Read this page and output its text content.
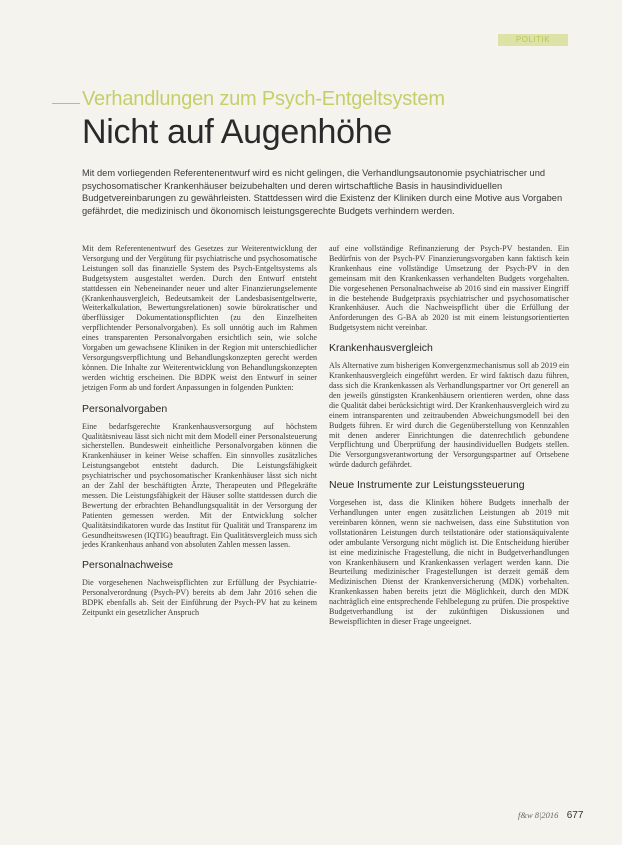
POLITIK
Verhandlungen zum Psych-Entgeltsystem
Nicht auf Augenhöhe
Mit dem vorliegenden Referentenentwurf wird es nicht gelingen, die Verhandlungsautonomie psychiatrischer und psychosomatischer Krankenhäuser beizubehalten und deren wirtschaftliche Basis in hausindividuellen Budgetvereinbarungen zu gewährleisten. Stattdessen wird die Existenz der Kliniken durch eine Motive aus Vorgaben gefährdet, die medizinisch und ökonomisch leistungsgerechte Budgets verhindern werden.

Mit dem Referentenentwurf des Gesetzes zur Weiterentwicklung der Versorgung und der Vergütung für psychiatrische und psychosomatische Leistungen soll das finanzielle System des Psych-Entgeltsystems als Budgetsystem ausgestaltet werden. Durch den Entwurf entsteht stattdessen ein Nebeneinander neuer und alter Finanzierungselemente (Krankenhausvergleich, Bedeutsamkeit der Landesbasisentgeltwerte, Weiterkalkulation, Bewertungsrelationen) sowie bürokratischer und überflüssiger Dokumentationspflichten (zu den Einzelheiten verpflichtender Personalvorgaben). Es soll unnötig auch im Rahmen eines transparenten Personalvorgaben ersichtlich sein, wie solche Vorgaben um gewachsene Kliniken in der Region mit unterschiedlicher Versorgungsverpflichtung und Behandlungskonzepten gerecht werden können. Die Inhalte zur Weiterentwicklung von Behandlungskonzepten werden wichtig erscheinen. Die BDPK weist den Entwurf in seiner jetzigen Form ab und fordert Anpassungen in folgenden Punkten:

Personalvorgaben

Eine bedarfsgerechte Krankenhausversorgung auf höchstem Qualitätsniveau lässt sich nicht mit dem Modell einer Personalsteuerung sicherstellen. Bundesweit einheitliche Personalvorgaben können die Krankenhäuser in keiner Weise schaffen. Ein sinnvolles zusätzliches Leistungsangebot entsteht dadurch. Die Leistungsfähigkeit psychiatrischer und psychosomatischer Krankenhäuser lässt sich nicht an der Zahl der beschäftigten Ärzte, Therapeuten und Pflegekräfte messen. Die Leistungsfähigkeit der Häuser sollte stattdessen durch die Bewertung der erbrachten Behandlungsqualität in der Versorgung der Patienten gemessen werden. Mit der Entwicklung solcher Qualitätsindikatoren wurde das Institut für Qualität und Transparenz im Gesundheitswesen (IQTIG) beauftragt. Ein Qualitätsvergleich muss sich jedes Krankenhaus anhand von absoluten Zahlen messen lassen.

Personalnachweise

Die vorgesehenen Nachweispflichten zur Erfüllung der Psychiatrie-Personalverordnung (Psych-PV) bereits ab dem Jahr 2016 sehen die BDPK ebenfalls ab. Seit der Einführung der Psych-PV hat zu keinem Zeitpunkt ein gesetzlicher Anspruch

auf eine vollständige Refinanzierung der Psych-PV bestanden. Ein Bedürfnis von der Psych-PV Finanzierungsvorgaben kann faktisch kein Krankenhaus eine vollständige Umsetzung der Psych-PV in den gemeinsam mit den Krankenkassen verhandelten Budgets vorgehalten. Die vorgesehenen Personalnachweise ab 2016 sind ein massiver Eingriff in die bestehende Budgetpraxis psychiatrischer und psychosomatischer Krankenhäuser. Auch die Nachweispflicht über die Erfüllung der Anforderungen des G-BA ab 2020 ist mit einem leistungsorientierten Budgetsystem nicht vereinbar.

Krankenhausvergleich

Als Alternative zum bisherigen Konvergenzmechanismus soll ab 2019 ein Krankenhausvergleich eingeführt werden. Er wird faktisch dazu führen, dass sich die Krankenkassen als Verhandlungspartner vor Ort generell an den jeweils günstigsten Krankenhäusern orientieren werden, ohne dass die Qualität dabei berücksichtigt wird. Der Krankenhausvergleich wird zu einem intransparenten und zeitraubenden Abweichungsmodell bei den Budgets führen. Er wird durch die Gegenüberstellung von Kennzahlen mit denen anderer Einrichtungen die datenrechtlich gebundene Verpflichtung und Überprüfung der hausindividuellen Budgets stellen. Die Versorgungsverantwortung der Versorgungspartner auf Ortsebene würde dadurch gefährdet.

Neue Instrumente zur Leistungssteuerung

Vorgesehen ist, dass die Kliniken höhere Budgets innerhalb der Verhandlungen unter engen zusätzlichen Leistungen ab 2019 mit vereinbaren können, wenn sie nachweisen, dass eine Substitution von vollstationären Leistungen durch teilstationäre oder stationsäquivalente oder ambulante Versorgung nicht möglich ist. Die Entscheidung hierüber ist eine medizinische Fragestellung, die nicht in Budgetverhandlungen von Krankenhäusern und Krankenkassen verlagert werden kann. Die Beurteilung medizinischer Fragestellungen ist derzeit gemäß dem Medizinischen Dienst der Krankenversicherung (MDK) vorbehalten. Krankenkassen haben bereits jetzt die Möglichkeit, durch den MDK nachträglich eine entsprechende Fehlbelegung zu prüfen. Die prospektive Budgetverhandlung ist der zukünftigen Diskussionen und Beweispflichten in dieser Frage ungeeignet.

f&w 8|2016 677
